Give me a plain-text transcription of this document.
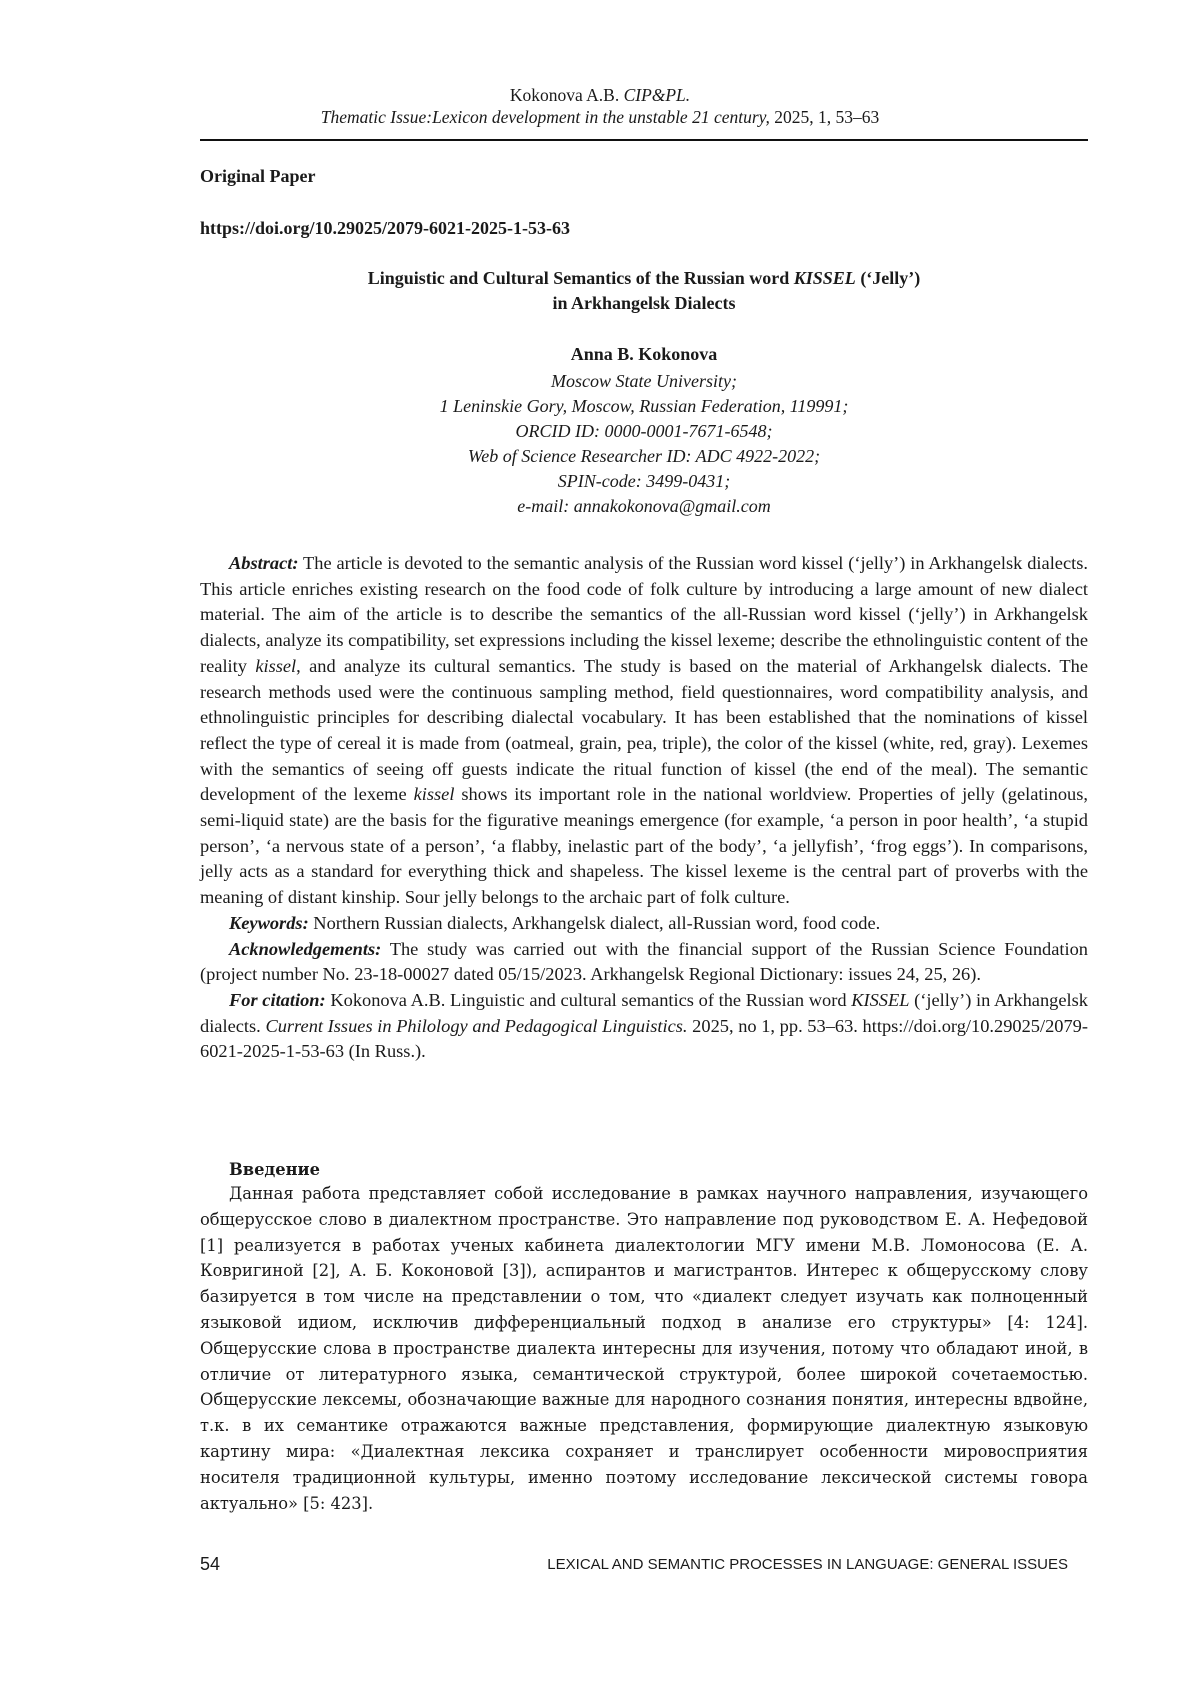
Kokonova A.B. CIP&PL.
Thematic Issue:Lexicon development in the unstable 21 century, 2025, 1, 53–63
Original Paper
https://doi.org/10.29025/2079-6021-2025-1-53-63
Linguistic and Cultural Semantics of the Russian word KISSEL (‘Jelly’)
in Arkhangelsk Dialects
Anna B. Kokonova
Moscow State University;
1 Leninskie Gory, Moscow, Russian Federation, 119991;
ORCID ID: 0000-0001-7671-6548;
Web of Science Researcher ID: ADC 4922-2022;
SPIN-code: 3499-0431;
e-mail: annakokonova@gmail.com

Abstract: The article is devoted to the semantic analysis of the Russian word kissel (‘jelly’) in Arkhangelsk dialects. This article enriches existing research on the food code of folk culture by introducing a large amount of new dialect material. The aim of the article is to describe the semantics of the all-Russian word kissel (‘jelly’) in Arkhangelsk dialects, analyze its compatibility, set expressions including the kissel lexeme; describe the ethnolinguistic content of the reality kissel, and analyze its cultural semantics. The study is based on the material of Arkhangelsk dialects. The research methods used were the continuous sampling method, field questionnaires, word compatibility analysis, and ethnolinguistic principles for describing dialectal vocabulary. It has been established that the nominations of kissel reflect the type of cereal it is made from (oatmeal, grain, pea, triple), the color of the kissel (white, red, gray). Lexemes with the semantics of seeing off guests indicate the ritual function of kissel (the end of the meal). The semantic development of the lexeme kissel shows its important role in the national worldview. Properties of jelly (gelatinous, semi-liquid state) are the basis for the figurative meanings emergence (for example, ‘a person in poor health’, ‘a stupid person’, ‘a nervous state of a person’, ‘a flabby, inelastic part of the body’, ‘a jellyfish’, ‘frog eggs’). In comparisons, jelly acts as a standard for everything thick and shapeless. The kissel lexeme is the central part of proverbs with the meaning of distant kinship. Sour jelly belongs to the archaic part of folk culture.

Keywords: Northern Russian dialects, Arkhangelsk dialect, all-Russian word, food code.

Acknowledgements: The study was carried out with the financial support of the Russian Science Foundation (project number No. 23-18-00027 dated 05/15/2023. Arkhangelsk Regional Dictionary: issues 24, 25, 26).

For citation: Kokonova A.B. Linguistic and cultural semantics of the Russian word KISSEL (‘jelly’) in Arkhangelsk dialects. Current Issues in Philology and Pedagogical Linguistics. 2025, no 1, pp. 53–63. https://doi.org/10.29025/2079-6021-2025-1-53-63 (In Russ.).

Введение

Данная работа представляет собой исследование в рамках научного направления, изучающего общерусское слово в диалектном пространстве. Это направление под руководством Е. А. Нефедовой [1] реализуется в работах ученых кабинета диалектологии МГУ имени М.В. Ломоносова (Е. А. Ковригиной [2], А. Б. Коконовой [3]), аспирантов и магистрантов. Интерес к общерусскому слову базируется в том числе на представлении о том, что «диалект следует изучать как полноценный языковой идиом, исключив дифференциальный подход в анализе его структуры» [4: 124]. Общерусские слова в пространстве диалекта интересны для изучения, потому что обладают иной, в отличие от литературного языка, семантической структурой, более широкой сочетаемостью. Общерусские лексемы, обозначающие важные для народного сознания понятия, интересны вдвойне, т.к. в их семантике отражаются важные представления, формирующие диалектную языковую картину мира: «Диалектная лексика сохраняет и транслирует особенности мировосприятия носителя традиционной культуры, именно поэтому исследование лексической системы говора актуально» [5: 423].

54	LEXICAL AND SEMANTIC PROCESSES IN LANGUAGE: GENERAL ISSUES
